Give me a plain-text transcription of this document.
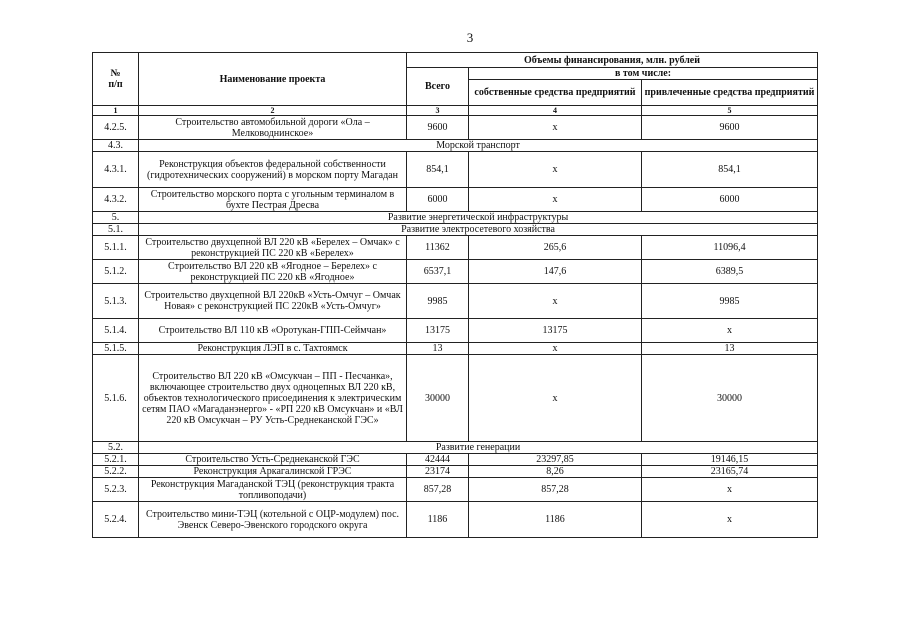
3
№
п/п	Наименование проекта	Объемы финансирования, млн. рублей		
		Всего	в том числе:	
			собственные средства предприятий	привлеченные средства предприятий
1	2	3	4	5
4.2.5.	Строительство автомобильной дороги «Ола – Мелководнинское»	9600	x	9600
4.3.	Морской транспорт			
4.3.1.	Реконструкция объектов федеральной собственности (гидротехнических сооружений) в морском порту Магадан	854,1	x	854,1
4.3.2.	Строительство морского порта с угольным терминалом в бухте Пестрая Дресва	6000	x	6000
5.	Развитие энергетической инфраструктуры			
5.1.	Развитие электросетевого хозяйства			
5.1.1.	Строительство двухцепной ВЛ 220 кВ «Берелех – Омчак» с реконструкцией ПС 220 кВ «Берелех»	11362	265,6	11096,4
5.1.2.	Строительство ВЛ 220 кВ «Ягодное – Берелех» с реконструкцией ПС 220 кВ «Ягодное»	6537,1	147,6	6389,5
5.1.3.	Строительство двухцепной ВЛ 220кВ «Усть-Омчуг – Омчак Новая» с реконструкцией ПС 220кВ «Усть-Омчуг»	9985	x	9985
5.1.4.	Строительство ВЛ 110 кВ «Оротукан-ГПП-Сеймчан»	13175	13175	x
5.1.5.	Реконструкция ЛЭП в с. Тахтоямск	13	x	13
5.1.6.	Строительство ВЛ 220 кВ «Омсукчан – ПП - Песчанка», включающее строительство двух одноцепных ВЛ 220 кВ, объектов технологического присоединения к электрическим сетям ПАО «Магаданэнерго» - «РП 220 кВ Омсукчан» и «ВЛ 220 кВ Омсукчан – РУ Усть-Среднеканской ГЭС»	30000	x	30000
5.2.	Развитие генерации			
5.2.1.	Строительство Усть-Среднеканской ГЭС	42444	23297,85	19146,15
5.2.2.	Реконструкция Аркагалинской ГРЭС	23174	8,26	23165,74
5.2.3.	Реконструкция Магаданской ТЭЦ (реконструкция тракта топливоподачи)	857,28	857,28	x
5.2.4.	Строительство мини-ТЭЦ (котельной с ОЦР-модулем) пос. Эвенск Северо-Эвенского городского округа	1186	1186	x
